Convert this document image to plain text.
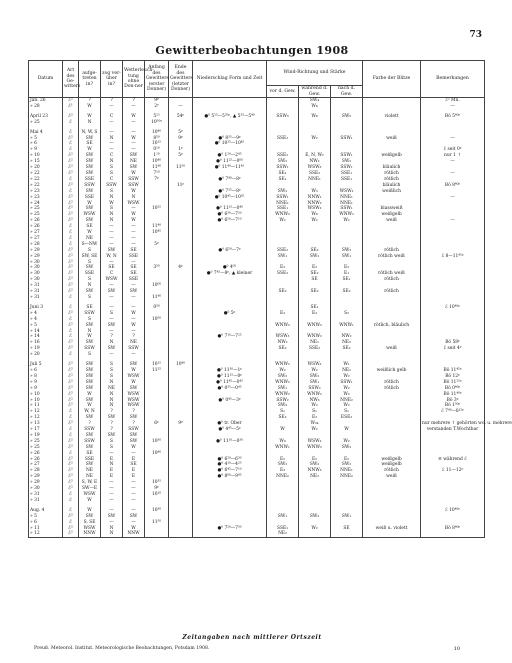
73
Gewitterbeobachtungen 1908
Datum	Art des Ge-witters	aufge-treten in?	zog ver-über in?	Wetterleuch-tung ohne Don-ner	Anfang des Gewitters (erster Donner)	Ende des Gewitters (letzter Donner)	Niederschlag Form und Zeit	Wind-Richtung und Stärke			Farbe der Blitze	Bemerkungen
								vor d. Gew.	während d. Gew.	nach d. Gew.		
Jan. 26	ℰ²	?	?	?	9ᵖ				SW₄			ℰ² Mn.
» 28	ℰ¹	W	—	—	2ᵃ	—			W₈			—

April 23	ℰ²	W	C	W	5¹⁵	54ᵖ	●⁰ 5²⁵—5³⁵ᵖ, ▲ 5³⁵—5⁴⁰	SSW₃	W₈	SW₅	violett	Bö 5⁴⁰ᵖ
» 25	ℰ	N	—	—	10⁵⁰ᵃ							

Mai 4	ℰ	N, W, S	—	—	10⁴⁰	5ᵖ						
» 5	ℰ²	SW	N	W	8⁵⁰	9ᵖ	●⁰ 8³⁵—9ᵖ	SSE₂	W₂	SSW₁	weiß	—
» 6	ℰ	SE	—	—	10¹⁵		●⁰ 10³⁵—10⁴⁵					
» 9	ℰ	W	—	—	0¹⁰	1ᵖ						ℰ seit 0ᵖ
» 10	ℰ²	SW	C	SW	1¹⁰	5ᵖ	●⁰ 1²⁰—2⁴⁵	SSE₂	E, N, W₂	SSW₁	weißgelb	nur 1 ↑
» 15	ℰ²	SW	N	NE	10⁴⁰		●⁰ 11²⁵—0⁰⁰	SW₂	NW₂	SW₂		—
» 20	ℰ²	SW	S	SW	11⁴⁰	11⁵⁰	●⁰ 11⁴⁰—11⁴⁵	SSW₁	WSW₃	SSW₁	bläulich	
» 22	ℰ²	SW	S	W	7¹⁰			SE₁	SSE₂	SSE₁	rötlich	—
» 22	ℰ	SSE	C	SSW	7ᵖ		●⁰ 7⁴⁰—8ᵖ	SE₁	NNE₁	SSE₁	rötlich	
» 22	ℰ²	SSW	SSW	SSW		11ᵖ					bläulich	Bö 8⁴⁰ᵖ
» 23	ℰ	SW	S	W			●⁰ 7³⁵—8ᵖ	SW₂	W₃	WSW₂	weißlich	
» 23	ℰ²	SSE	N	N			●⁰ 10⁴⁵—10⁵⁵	SSW₁	NNW₁	NNE₁		—
» 24	ℰ²	W	W	WSW				NNE₁	NNW₂	NNE₁		
» 25	ℰ²	SW	S	—	10²⁵		●⁰ 11¹⁵—0⁴⁰	SSE₁	WSW₂	SSW₁	blassweiß	
» 25	ℰ²	WSW	N	W			●⁰ 6³⁰—7²⁰	WNW₃	W₈	WNW₂	weißgelb	
» 26	ℰ²	SW	N	W			●⁰ 6⁵⁰—7¹⁰	W₂	W₂	W₂	weiß	—
» 26	ℰ	SE	—	—	11⁴⁰							
» 27	ℰ	W	—	—	10⁴⁵							
» 27	ℰ	NE	—	—								
» 28	ℰ	S—NW	—	—	5ᵖ							
» 29	ℰ²	S	SW	SE			●⁰ 6⁵⁰—7ᵖ	SSE₂	SE₂	SW₂	rötlich	
» 29	ℰ²	SW, SE	W, N	SSE				SW₁	SW₂	SW₁	rötlich weiß	ℰ 8—11⁴⁵ᵖ
» 30	ℰ²	S	—	—								
» 30	ℰ²	SW	SE	SE	3⁵⁰	4ᵖ	●⁰ 4⁰⁵	E₃	E₂	E₂		
» 30	ℰ²	SSE	C	SE			●⁰ 7⁴⁵—8ᵖ, ▲ kleiner	SSE₂	SE₂	E₁	rötlich weiß	
» 30	ℰ²	S	WSW	SSE					SE	SE₁	rötlich	
» 31	ℰ²	N	—	—	10⁰⁰							
» 31	ℰ²	SW	SW	SW				SE₂	SE₂	SE₂	rötlich	
» 31	ℰ	S	—	—	11⁴⁰							

Juni 3	ℰ	SE	—	—	0⁵⁰				SE₁			ℰ 10⁴⁰ᵖ
» 4	ℰ²	SSW	S	W			●⁰ 5ᵖ	E₂	E₂	S₂		
» 4	ℰ	S	—	—	10⁵⁰							
» 5	ℰ²	SW	SW	W				WNW₂	WNW₂	WNW₁	rötlich, bläulich	
» 14	ℰ	N	—	—								
» 14	ℰ	W	?	?			●⁰ 7¹⁰—7²⁵	WSW₃	WNW₂	NW₂		
» 16	ℰ²	SW	N	NE				NW₂	NE₁	NE₂		Bö 58ᵖ
» 19	ℰ²	SSW	SW	SSW				SE₂	SSE₂	SE₂	weiß	ℰ seit 4ᵖ
» 20	ℰ	S	—	—								

Juli 5	ℰ²	SW	S	SW	10¹⁵	10⁴⁰		WNW₂	WSW₃	W₁		
» 6	ℰ²	SW	S	W	11²⁵		●⁰ 11³⁰—1ᵖ	W₂	W₂	NE₂	weißlich gelb	Bö 11⁴⁵ᵃ
» 8	ℰ²	SW	S	WSW			●⁰ 11¹⁵—0ᵖ	SW₂	SW₂	W₂		Bö 12ᵖ
» 9	ℰ²	SW	N	W			●⁰ 11⁴⁵—0⁴⁵	WNW₂	SW₁	SSW₁	rötlich	Bö 11²⁵ᵃ
» 9	ℰ²	SW	NE	SW			●⁰ 0³⁵—0⁴⁵	SW₁	SSW₂	W₂	rötlich	Bö 0⁴⁰ᵖ
» 10	ℰ²	W	N	WSW				WNW₂	WNW₂	W₂		Bö 11⁴⁰ᵃ
» 10	ℰ²	SW	N	WSW			●⁰ 0⁴⁵—3ᵖ	SSW₂	NW₃	NNE₂		Bö 3ᵖ
» 11	ℰ²	W	N	WSW				SW₂	W₂	W₂		Bö 1⁵⁰ᵖ
» 12	ℰ	W, N	?	?				S₁	S₁	S₁		ℰ 7⁴⁰—8¹⁵ᵖ
» 12	ℰ	SW	SW	SW				SE₂	E₂	ESE₂		
» 13	ℰ²	?	?	?	6ᵖ	9ᵖ	●⁰ tr. Ober		W₂₄			nur mehrere ↑ gehörten wo. u. mehrere
» 17	ℰ	SSW	?	SSW			●⁰ 4⁴⁵—5ᵖ	W	W₂	W		verstanden T.Wochtbar
» 19	ℰ	SW	SW	SW								
» 25	ℰ²	SSW	S	SW	10³⁰		●⁰ 11¹⁰—0³⁰	W₀	WSW₂	W₂		
» 25	ℰ²	SW	S	W				WNW₁	WNW₂	SW₂		
» 26	ℰ	SE	—	—	10⁴⁰							
» 26	ℰ²	SSE	E	E			●⁰ 6²⁰—6³⁰	E₂	E₂	E₂	weißgelb	≡ während ℰ
» 27	ℰ²	SW	N	SE			●⁰ 4¹⁰—4²⁵	SW₂	SW₂	SW₂	weißgelb	
» 28	ℰ²	NE	E	E			●⁰ 6⁴⁵—7¹⁰	E₃	NNW₃	NNE₁	rötlich	ℰ 11—12ᵖ
» 29	ℰ²	NE	E	E			●⁰ 8⁰⁰—9⁰⁵	NNE₂	NE₂	NNE₂	weiß	
» 29	ℰ²	S, W, E	—	—	10³⁵							
» 30	ℰ²	SW—E	—	—	9ᵖ							
» 31	ℰ	WSW	—	—	10¹⁰							
» 31	ℰ	W	—	—								

Aug. 4	ℰ	W	—	—	10³⁰							ℰ 10⁴⁰ᵖ
» 5	ℰ²	SW	SW	SW				SW₁	SW₂	SW₁		
» 6	ℰ	S, SE	—	—	11⁵⁰							
» 11	ℰ²	WSW	N	W			●⁰ 7²⁰—7⁵⁰	SSE₁	W₂	SE	weiß u. violett	Bö 8⁴⁰ᵖ
» 12	ℰ²	NNW	N	NNW				NE₂				
Zeitangaben nach mittlerer Ortszeit
Preuß. Meteorol. Institut. Meteorologische Beobachtungen, Potsdam 1908.	10
